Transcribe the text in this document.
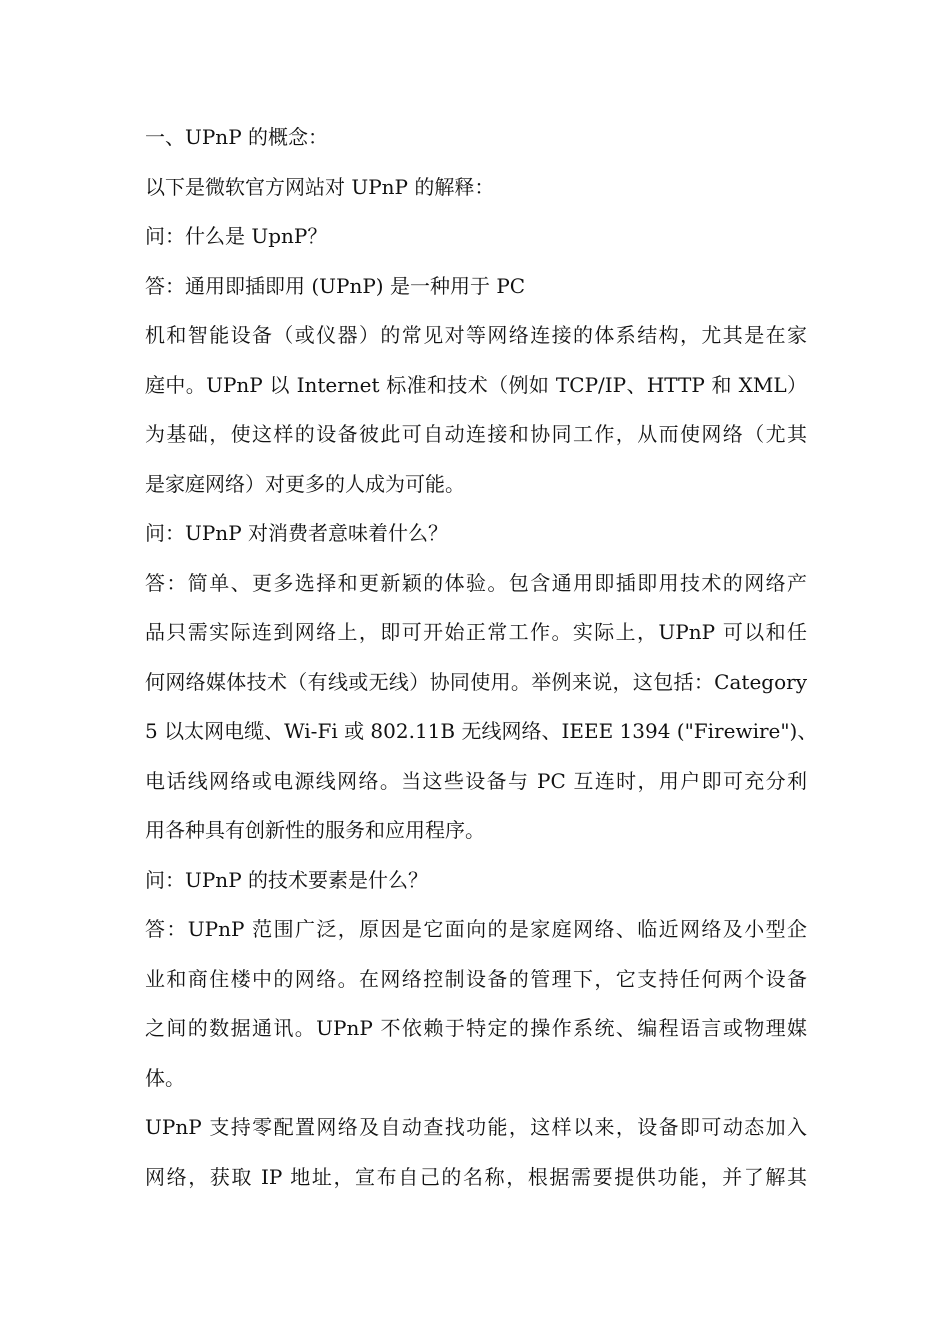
一、UPnP 的概念：

以下是微软官方网站对 UPnP 的解释：

问：什么是 UpnP？

答：通用即插即用 (UPnP) 是一种用于 PC

机和智能设备（或仪器）的常见对等网络连接的体系结构，尤其是在家

庭中。UPnP 以 Internet 标准和技术（例如 TCP/IP、HTTP 和 XML）

为基础，使这样的设备彼此可自动连接和协同工作，从而使网络（尤其

是家庭网络）对更多的人成为可能。

问：UPnP 对消费者意味着什么？

答：简单、更多选择和更新颖的体验。包含通用即插即用技术的网络产

品只需实际连到网络上，即可开始正常工作。实际上，UPnP 可以和任

何网络媒体技术（有线或无线）协同使用。举例来说，这包括：Category

5 以太网电缆、Wi-Fi 或 802.11B 无线网络、IEEE 1394 ("Firewire")、

电话线网络或电源线网络。当这些设备与 PC 互连时，用户即可充分利

用各种具有创新性的服务和应用程序。

问：UPnP 的技术要素是什么？

答：UPnP 范围广泛，原因是它面向的是家庭网络、临近网络及小型企

业和商住楼中的网络。在网络控制设备的管理下，它支持任何两个设备

之间的数据通讯。UPnP 不依赖于特定的操作系统、编程语言或物理媒

体。

UPnP 支持零配置网络及自动查找功能，这样以来，设备即可动态加入

网络，获取 IP 地址，宣布自己的名称，根据需要提供功能，并了解其
